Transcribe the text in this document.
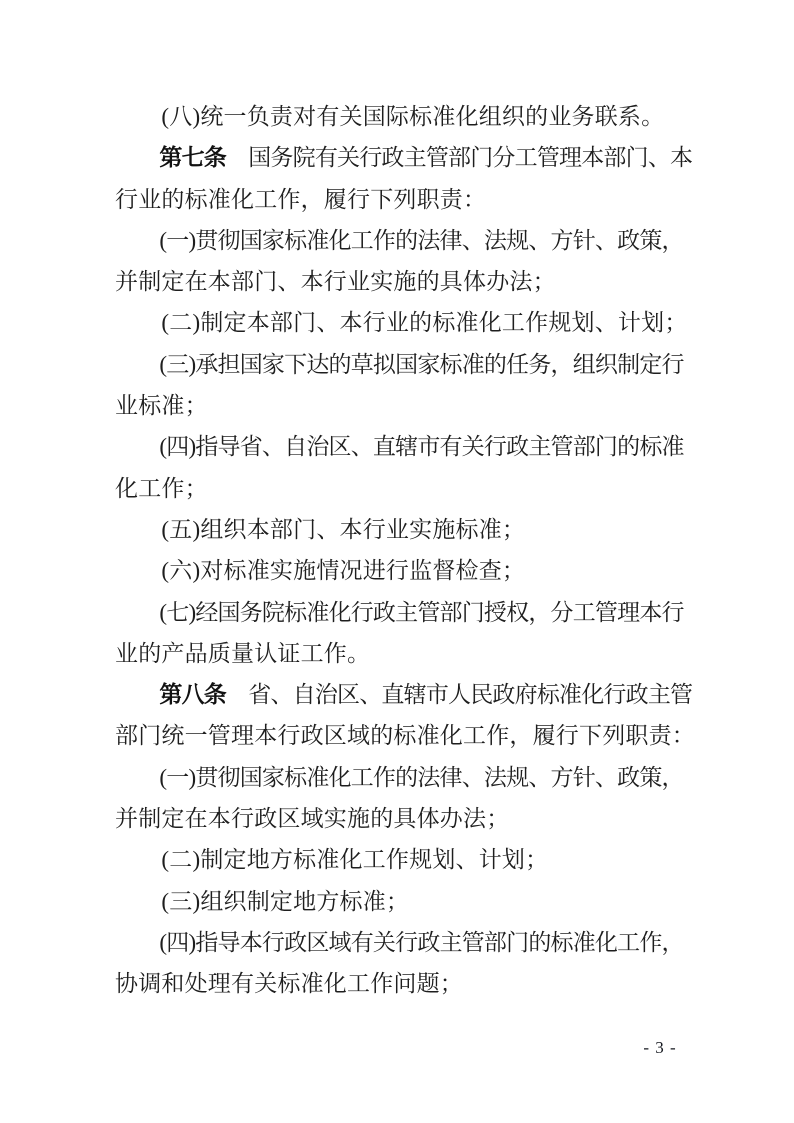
　　(八)统一负责对有关国际标准化组织的业务联系。
　　第七条　国务院有关行政主管部门分工管理本部门、本
行业的标准化工作，履行下列职责：
　　(一)贯彻国家标准化工作的法律、法规、方针、政策，
并制定在本部门、本行业实施的具体办法；
　　(二)制定本部门、本行业的标准化工作规划、计划；
　　(三)承担国家下达的草拟国家标准的任务，组织制定行
业标准；
　　(四)指导省、自治区、直辖市有关行政主管部门的标准
化工作；
　　(五)组织本部门、本行业实施标准；
　　(六)对标准实施情况进行监督检查；
　　(七)经国务院标准化行政主管部门授权，分工管理本行
业的产品质量认证工作。
　　第八条　省、自治区、直辖市人民政府标准化行政主管
部门统一管理本行政区域的标准化工作，履行下列职责：
　　(一)贯彻国家标准化工作的法律、法规、方针、政策，
并制定在本行政区域实施的具体办法；
　　(二)制定地方标准化工作规划、计划；
　　(三)组织制定地方标准；
　　(四)指导本行政区域有关行政主管部门的标准化工作，
协调和处理有关标准化工作问题；
- 3 -
